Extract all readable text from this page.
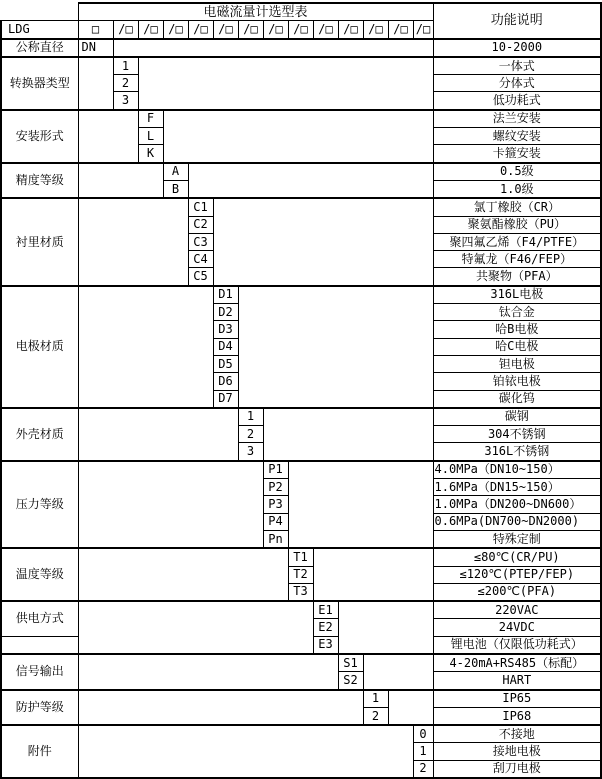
	电磁流量计选型表														功能说明
LDG	□	/□	/□	/□	/□	/□	/□	/□	/□	/□	/□	/□	/□	/□	
公称直径	DN														10-2000
转换器类型		1													一体式
		2													分体式
		3													低功耗式
安装形式			F												法兰安装
			L												螺纹安装
			K												卡箍安装
精度等级				A											0.5级
				B											1.0级
衬里材质					C1										氯丁橡胶（CR）
					C2										聚氨酯橡胶（PU）
					C3										聚四氟乙烯（F4/PTFE）
					C4										特氟龙（F46/FEP）
					C5										共聚物（PFA）
电极材质						D1									316L电极
						D2									钛合金
						D3									哈B电极
						D4									哈C电极
						D5									钽电极
						D6									铂铱电极
						D7									碳化钨
外壳材质							1								碳钢
							2								304不锈钢
							3								316L不锈钢
压力等级								P1							4.0MPa（DN10~150）
								P2							1.6MPa（DN15~150）
								P3							1.0MPa（DN200~DN600）
								P4							0.6MPa(DN700~DN2000)
								Pn							特殊定制
温度等级									T1						≤80℃(CR/PU)
									T2						≤120℃(PTEP/FEP)
									T3						≤200℃(PFA)
供电方式										E1					220VAC
										E2					24VDC
										E3					锂电池（仅限低功耗式）
信号输出											S1				4-20mA+RS485（标配）
											S2				HART
防护等级												1			IP65
												2			IP68
附件														0	不接地
														1	接地电极
														2	刮刀电极
